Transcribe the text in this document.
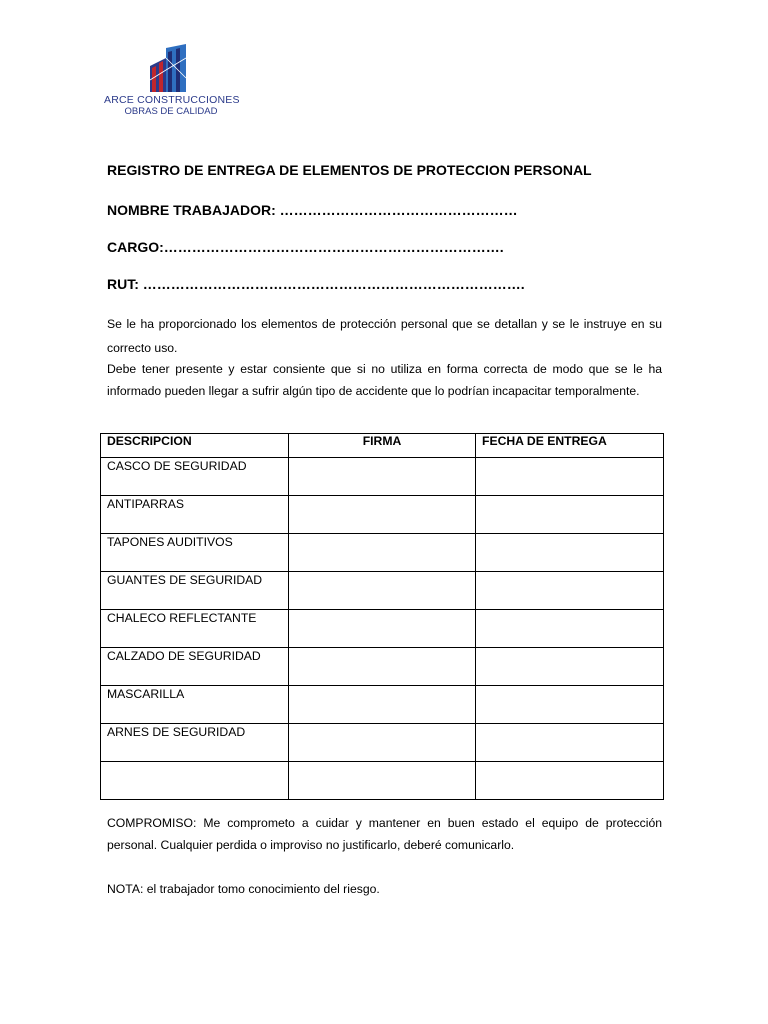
ARCE CONSTRUCCIONES
OBRAS DE CALIDAD
REGISTRO DE ENTREGA DE ELEMENTOS DE PROTECCION PERSONAL
NOMBRE TRABAJADOR: ……………………………………………
CARGO:……………………………………………………………….
RUT: ……………………………………………………………………….
Se le ha proporcionado los elementos de protección personal que se detallan y se le instruye en su correcto uso.
Debe tener presente y estar consiente que si no utiliza en forma correcta de modo que se le ha informado pueden llegar a sufrir algún tipo de accidente que lo podrían incapacitar temporalmente.
DESCRIPCION	FIRMA	FECHA DE ENTREGA
CASCO DE SEGURIDAD		
ANTIPARRAS		
TAPONES AUDITIVOS		
GUANTES DE SEGURIDAD		
CHALECO REFLECTANTE		
CALZADO DE SEGURIDAD		
MASCARILLA		
ARNES DE SEGURIDAD		

COMPROMISO: Me comprometo a cuidar y mantener en buen estado el equipo de protección personal. Cualquier perdida o improviso no justificarlo, deberé comunicarlo.
NOTA: el trabajador tomo conocimiento del riesgo.
